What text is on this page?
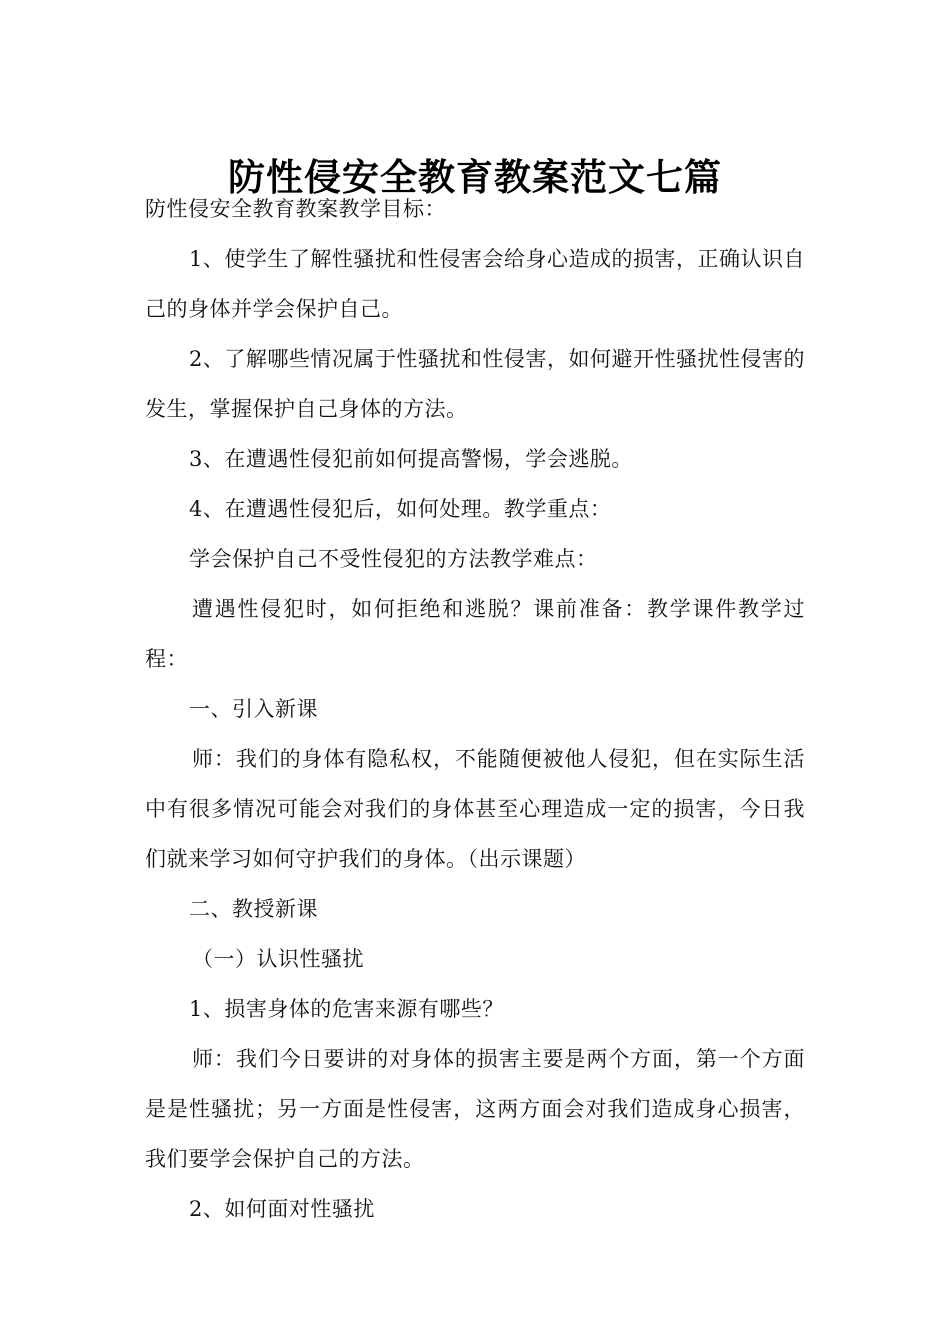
防性侵安全教育教案范文七篇

防性侵安全教育教案教学目标：

1、使学生了解性骚扰和性侵害会给身心造成的损害，正确认识自己的身体并学会保护自己。

2、了解哪些情况属于性骚扰和性侵害，如何避开性骚扰性侵害的发生，掌握保护自己身体的方法。

3、在遭遇性侵犯前如何提高警惕，学会逃脱。

4、在遭遇性侵犯后，如何处理。教学重点：

学会保护自己不受性侵犯的方法教学难点：

遭遇性侵犯时，如何拒绝和逃脱？课前准备：教学课件教学过程：

一、引入新课

师：我们的身体有隐私权，不能随便被他人侵犯，但在实际生活中有很多情况可能会对我们的身体甚至心理造成一定的损害，今日我们就来学习如何守护我们的身体。（出示课题）

二、教授新课

（一）认识性骚扰

1、损害身体的危害来源有哪些？

师：我们今日要讲的对身体的损害主要是两个方面，第一个方面是是性骚扰；另一方面是性侵害，这两方面会对我们造成身心损害，我们要学会保护自己的方法。

2、如何面对性骚扰
